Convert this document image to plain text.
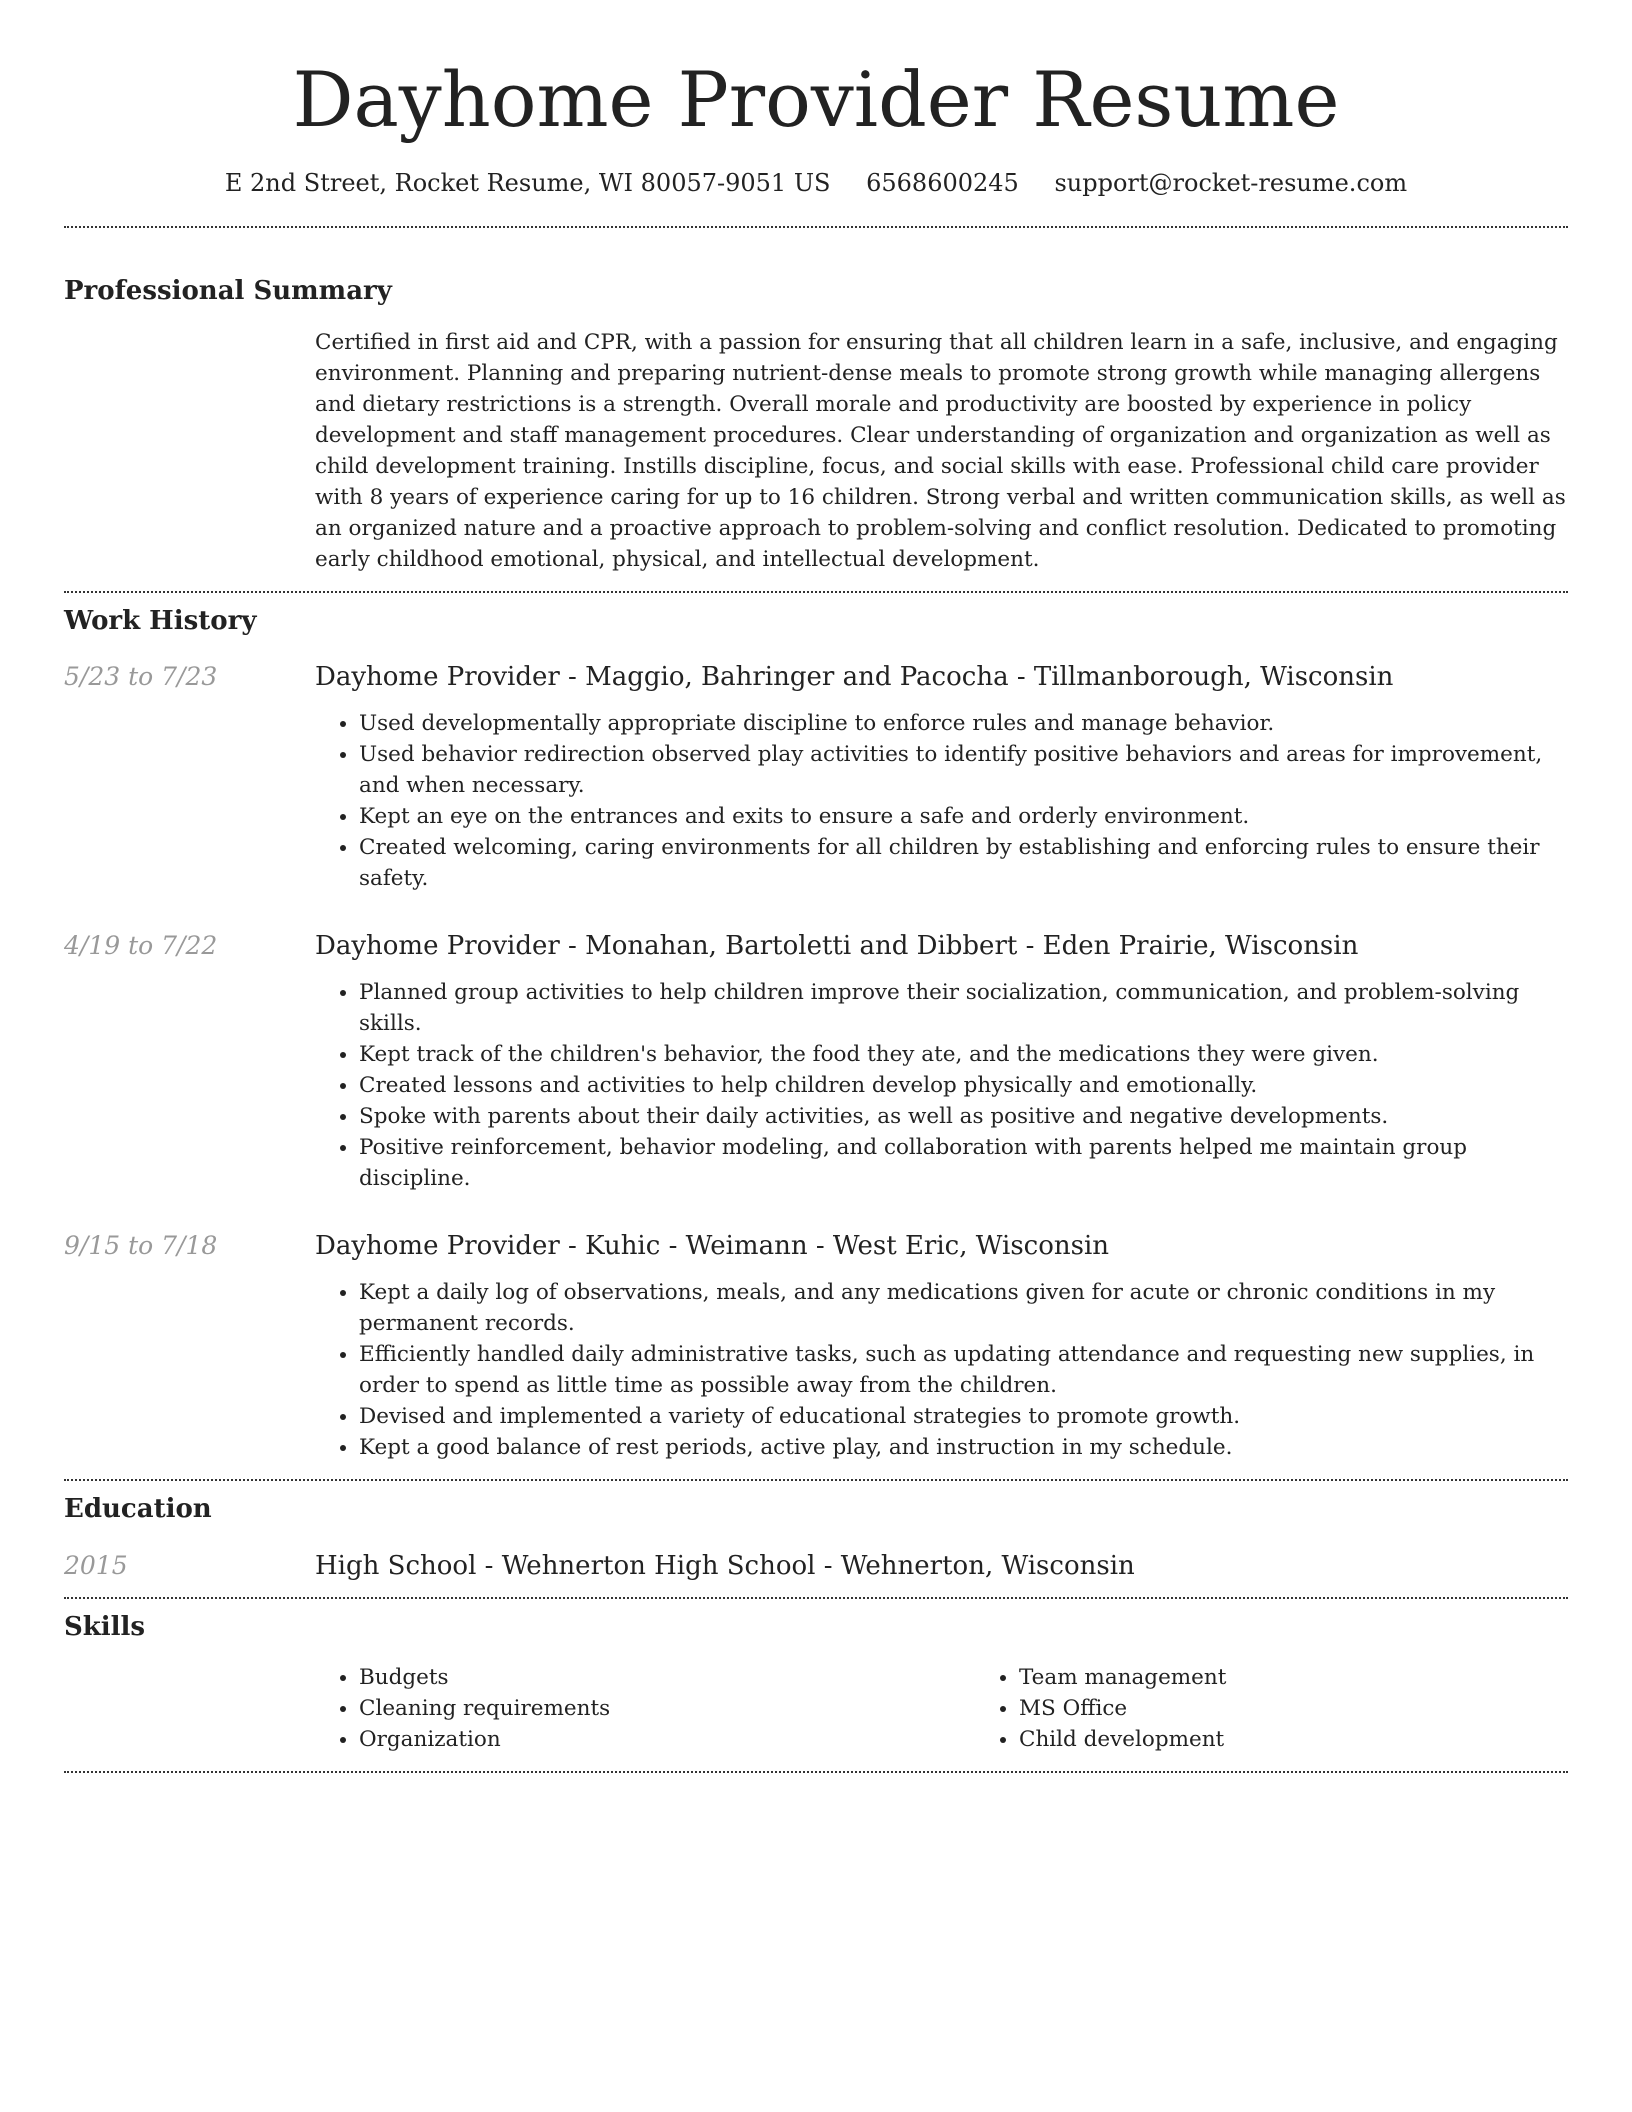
Dayhome Provider Resume
E 2nd Street, Rocket Resume, WI 80057-9051 US 6568600245 support@rocket-resume.com
Professional Summary

Certified in first aid and CPR, with a passion for ensuring that all children learn in a safe, inclusive, and engaging environment. Planning and preparing nutrient-dense meals to promote strong growth while managing allergens and dietary restrictions is a strength. Overall morale and productivity are boosted by experience in policy development and staff management procedures. Clear understanding of organization and organization as well as child development training. Instills discipline, focus, and social skills with ease. Professional child care provider with 8 years of experience caring for up to 16 children. Strong verbal and written communication skills, as well as an organized nature and a proactive approach to problem-solving and conflict resolution. Dedicated to promoting early childhood emotional, physical, and intellectual development.

Work History
5/23 to 7/23	Dayhome Provider - Maggio, Bahringer and Pacocha - Tillmanborough, Wisconsin

• Used developmentally appropriate discipline to enforce rules and manage behavior.
• Used behavior redirection observed play activities to identify positive behaviors and areas for improvement, and when necessary.
• Kept an eye on the entrances and exits to ensure a safe and orderly environment.
• Created welcoming, caring environments for all children by establishing and enforcing rules to ensure their safety.
4/19 to 7/22	Dayhome Provider - Monahan, Bartoletti and Dibbert - Eden Prairie, Wisconsin

• Planned group activities to help children improve their socialization, communication, and problem-solving skills.
• Kept track of the children's behavior, the food they ate, and the medications they were given.
• Created lessons and activities to help children develop physically and emotionally.
• Spoke with parents about their daily activities, as well as positive and negative developments.
• Positive reinforcement, behavior modeling, and collaboration with parents helped me maintain group discipline.
9/15 to 7/18	Dayhome Provider - Kuhic - Weimann - West Eric, Wisconsin

• Kept a daily log of observations, meals, and any medications given for acute or chronic conditions in my permanent records.
• Efficiently handled daily administrative tasks, such as updating attendance and requesting new supplies, in order to spend as little time as possible away from the children.
• Devised and implemented a variety of educational strategies to promote growth.
• Kept a good balance of rest periods, active play, and instruction in my schedule.
Education
2015	High School - Wehnerton High School - Wehnerton, Wisconsin

Skills
• Budgets
• Cleaning requirements
• Organization
• Team management
• MS Office
• Child development
